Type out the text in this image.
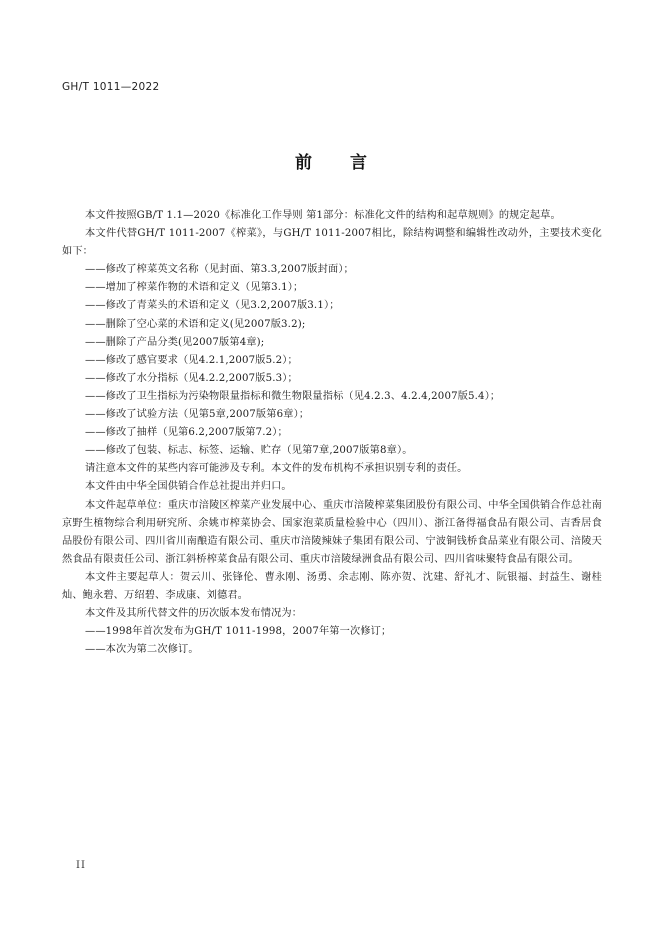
GH/T 1011—2022
前 言

本文件按照GB/T 1.1—2020《标准化工作导则 第1部分：标准化文件的结构和起草规则》的规定起草。

本文件代替GH/T 1011-2007《榨菜》，与GH/T 1011-2007相比，除结构调整和编辑性改动外，主要技术变化如下：

——修改了榨菜英文名称（见封面、第3.3,2007版封面）；

——增加了榨菜作物的术语和定义（见第3.1）；

——修改了青菜头的术语和定义（见3.2,2007版3.1）；

——删除了空心菜的术语和定义(见2007版3.2);

——删除了产品分类(见2007版第4章);

——修改了感官要求（见4.2.1,2007版5.2）；

——修改了水分指标（见4.2.2,2007版5.3）；

——修改了卫生指标为污染物限量指标和微生物限量指标（见4.2.3、4.2.4,2007版5.4）；

——修改了试验方法（见第5章,2007版第6章）；

——修改了抽样（见第6.2,2007版第7.2）；

——修改了包装、标志、标签、运输、贮存（见第7章,2007版第8章）。

请注意本文件的某些内容可能涉及专利。本文件的发布机构不承担识别专利的责任。

本文件由中华全国供销合作总社提出并归口。

本文件起草单位：重庆市涪陵区榨菜产业发展中心、重庆市涪陵榨菜集团股份有限公司、中华全国供销合作总社南京野生植物综合利用研究所、余姚市榨菜协会、国家泡菜质量检验中心（四川）、浙江备得福食品有限公司、吉香居食品股份有限公司、四川省川南酿造有限公司、重庆市涪陵辣妹子集团有限公司、宁波铜钱桥食品菜业有限公司、涪陵天然食品有限责任公司、浙江斜桥榨菜食品有限公司、重庆市涪陵绿洲食品有限公司、四川省味聚特食品有限公司。

本文件主要起草人：贺云川、张锋伦、曹永刚、汤勇、余志刚、陈亦贺、沈建、舒礼才、阮银福、封益生、谢桂灿、鲍永碧、万绍碧、李成康、刘德君。

本文件及其所代替文件的历次版本发布情况为：

——1998年首次发布为GH/T 1011-1998，2007年第一次修订；

——本次为第二次修订。

II
